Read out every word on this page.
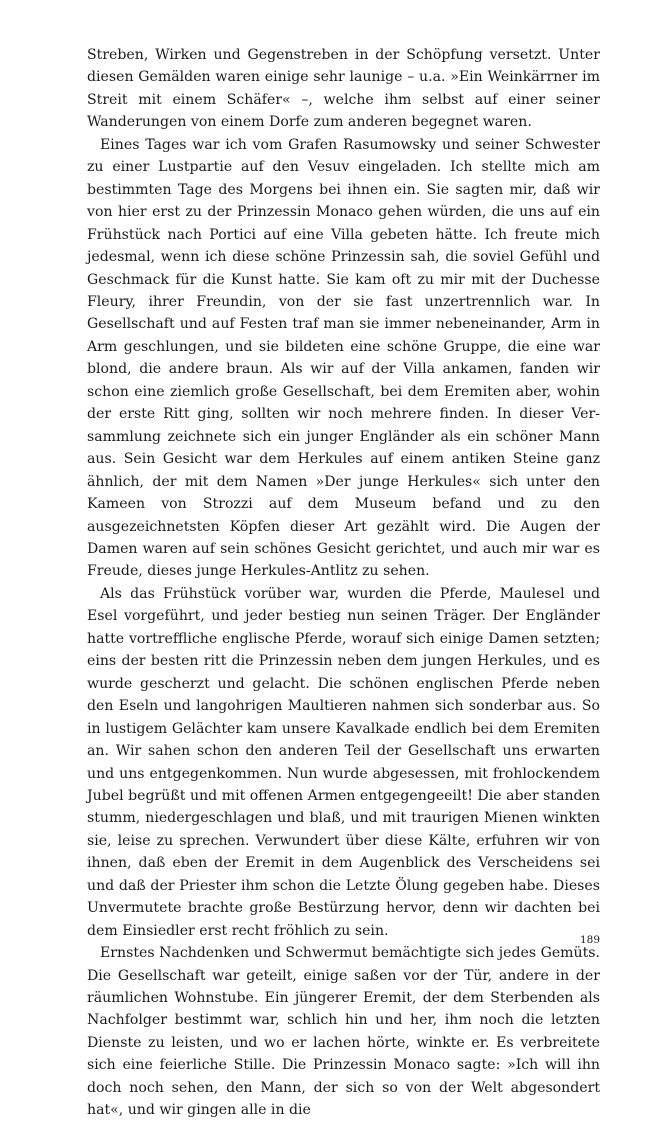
Streben, Wirken und Gegenstreben in der Schöpfung versetzt. Unter diesen Gemälden waren einige sehr launige – u.a. »Ein Weinkärrner im Streit mit einem Schäfer« –, welche ihm selbst auf einer seiner Wanderungen von einem Dorfe zum anderen begegnet waren.

Eines Tages war ich vom Grafen Rasumowsky und seiner Schwester zu einer Lustpartie auf den Vesuv eingeladen. Ich stellte mich am bestimmten Tage des Morgens bei ihnen ein. Sie sagten mir, daß wir von hier erst zu der Prinzessin Monaco gehen würden, die uns auf ein Frühstück nach Portici auf eine Villa gebeten hätte. Ich freute mich jedesmal, wenn ich diese schöne Prinzessin sah, die soviel Gefühl und Geschmack für die Kunst hatte. Sie kam oft zu mir mit der Duchesse Fleury, ihrer Freundin, von der sie fast unzertrennlich war. In Gesellschaft und auf Festen traf man sie immer nebeneinander, Arm in Arm geschlungen, und sie bildeten eine schöne Gruppe, die eine war blond, die andere braun. Als wir auf der Villa ankamen, fanden wir schon eine ziemlich große Gesellschaft, bei dem Eremiten aber, wohin der erste Ritt ging, sollten wir noch mehrere finden. In dieser Versammlung zeichnete sich ein junger Engländer als ein schöner Mann aus. Sein Gesicht war dem Herkules auf einem antiken Steine ganz ähnlich, der mit dem Namen »Der junge Herkules« sich unter den Kameen von Strozzi auf dem Museum befand und zu den ausgezeichnetsten Köpfen dieser Art gezählt wird. Die Augen der Damen waren auf sein schönes Gesicht gerichtet, und auch mir war es Freude, dieses junge Herkules-Antlitz zu sehen.

Als das Frühstück vorüber war, wurden die Pferde, Maulesel und Esel vorgeführt, und jeder bestieg nun seinen Träger. Der Engländer hatte vortreffliche englische Pferde, worauf sich einige Damen setzten; eins der besten ritt die Prinzessin neben dem jungen Herkules, und es wurde gescherzt und gelacht. Die schönen englischen Pferde neben den Eseln und langohrigen Maultieren nahmen sich sonderbar aus. So in lustigem Gelächter kam unsere Kavalkade endlich bei dem Eremiten an. Wir sahen schon den anderen Teil der Gesellschaft uns erwarten und uns entgegenkommen. Nun wurde abgesessen, mit frohlockendem Jubel begrüßt und mit offenen Armen entgegengeeilt! Die aber standen stumm, niedergeschlagen und blaß, und mit traurigen Mienen winkten sie, leise zu sprechen. Verwundert über diese Kälte, erfuhren wir von ihnen, daß eben der Eremit in dem Augenblick des Verscheidens sei und daß der Priester ihm schon die Letzte Ölung gegeben habe. Dieses Unvermutete brachte große Bestürzung hervor, denn wir dachten bei dem Einsiedler erst recht fröhlich zu sein.

Ernstes Nachdenken und Schwermut bemächtigte sich jedes Gemüts. Die Gesellschaft war geteilt, einige saßen vor der Tür, andere in der räumlichen Wohnstube. Ein jüngerer Eremit, der dem Sterbenden als Nachfolger bestimmt war, schlich hin und her, ihm noch die letzten Dienste zu leisten, und wo er lachen hörte, winkte er. Es verbreitete sich eine feierliche Stille. Die Prinzessin Monaco sagte: »Ich will ihn doch noch sehen, den Mann, der sich so von der Welt abgesondert hat«, und wir gingen alle in die

189
